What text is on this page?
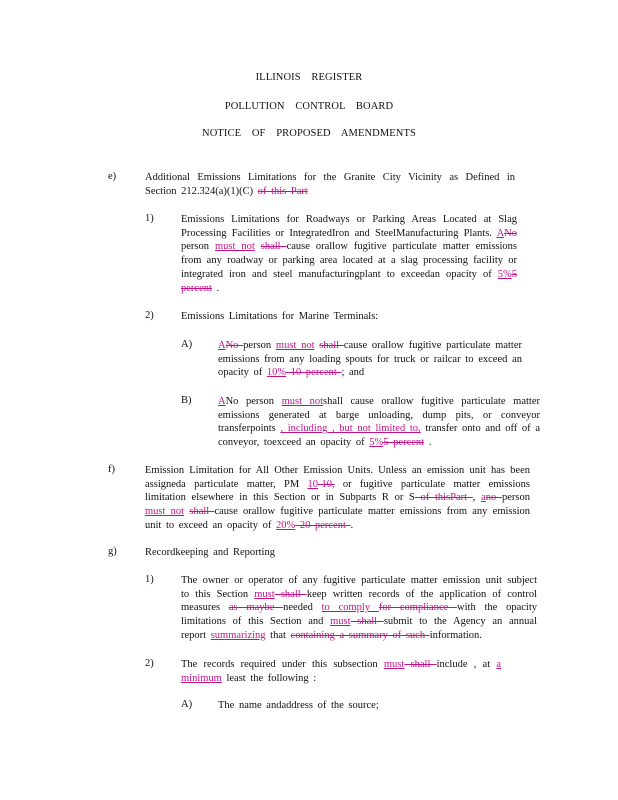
ILLINOIS REGISTER
POLLUTION CONTROL BOARD
NOTICE OF PROPOSED AMENDMENTS
e)	Additional Emissions Limitations for the Granite City Vicinity as Defined in Section 212.324(a)(1)(C) of this Part
1)	Emissions Limitations for Roadways or Parking Areas Located at Slag Processing Facilities or IntegratedIron and SteelManufacturing Plants. ANo person must not shall cause orallow fugitive particulate matter emissions from any roadway or parking area located at a slag processing facility or integrated iron and steel manufacturingplant to exceedan opacity of 5%5 percent .
2)	Emissions Limitations for Marine Terminals:
A) ANo person must not shall cause orallow fugitive particulate matter emissions from any loading spouts for truck or railcar to exceed an opacity of 10% 10 percent ; and
B)	ANo person must notshall cause orallow fugitive particulate matter emissions generated at barge unloading, dump pits, or conveyor transferpoints , including , but not limited to, transfer onto and off of a conveyor, toexceed an opacity of 5%5 percent .
f)	Emission Limitation for All Other Emission Units. Unless an emission unit has been assigneda particulate matter, PM 10-10, or fugitive particulate matter emissions limitation elsewhere in this Section or in Subparts R or S of thisPart , ano person must not shall cause orallow fugitive particulate matter emissions from any emission unit to exceed an opacity of 20% 20 percent .
g)	Recordkeeping and Reporting
1)	The owner or operator of any fugitive particulate matter emission unit subject to this Section must shall keep written records of the application of control measures as maybe needed to comply for compliance with the opacity limitations of this Section and must shall submit to the Agency an annual report summarizing that containing a summary of such information.
2)	The records required under this subsection must shall include , at a minimum least the following :
A) The name andaddress of the source;
